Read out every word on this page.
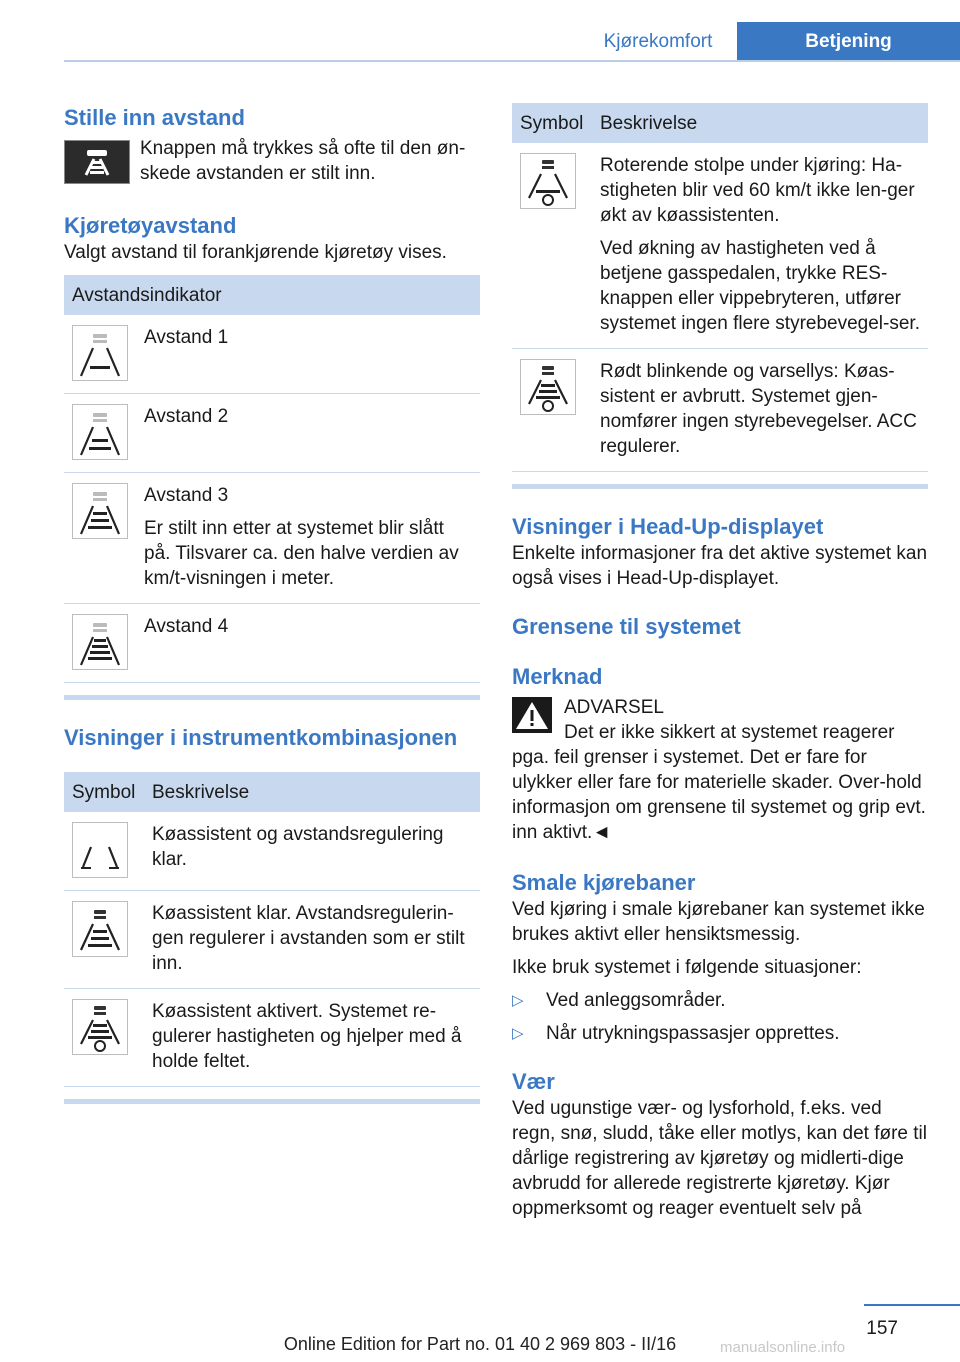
Kjørekomfort	Betjening
Stille inn avstand

Knappen må trykkes så ofte til den øn-skede avstanden er stilt inn.

Kjøretøyavstand

Valgt avstand til forankjørende kjøretøy vises.

Avstandsindikator	

	Avstand 1

	Avstand 2

Avstand 3
Er stilt inn etter at systemet blir slått på. Tilsvarer ca. den halve verdien av km/t-visningen i meter.

	Avstand 4
Visninger i instrumentkombinasjonen
Symbol	Beskrivelse

	Køassistent og avstandsregulering klar.

	Køassistent klar. Avstandsregulerin-gen regulerer i avstanden som er stilt inn.

	Køassistent aktivert. Systemet re-gulerer hastigheten og hjelper med å holde feltet.
Symbol	Beskrivelse

Roterende stolpe under kjøring: Ha-stigheten blir ved 60 km/t ikke len-ger økt av køassistenten.
Ved økning av hastigheten ved å betjene gasspedalen, trykke RES-knappen eller vippebryteren, utfører systemet ingen flere styrebevegel-ser.

	Rødt blinkende og varsellys: Køas-sistent er avbrutt. Systemet gjen-nomfører ingen styrebevegelser. ACC regulerer.
Visninger i Head-Up-displayet

Enkelte informasjoner fra det aktive systemet kan også vises i Head-Up-displayet.

Grensene til systemet
Merknad
ADVARSEL
Det er ikke sikkert at systemet reagerer

pga. feil grenser i systemet. Det er fare for ulykker eller fare for materielle skader. Over-hold informasjon om grensene til systemet og grip evt. inn aktivt.◄

Smale kjørebaner

Ved kjøring i smale kjørebaner kan systemet ikke brukes aktivt eller hensiktsmessig.

Ikke bruk systemet i følgende situasjoner:

▷	Ved anleggsområder.
▷	Når utrykningspassasjer opprettes.
Vær

Ved ugunstige vær- og lysforhold, f.eks. ved regn, snø, sludd, tåke eller motlys, kan det føre til dårlige registrering av kjøretøy og midlerti-dige avbrudd for allerede registrerte kjøretøy. Kjør oppmerksomt og reager eventuelt selv på

157
Online Edition for Part no. 01 40 2 969 803 - II/16	manualsonline.info
